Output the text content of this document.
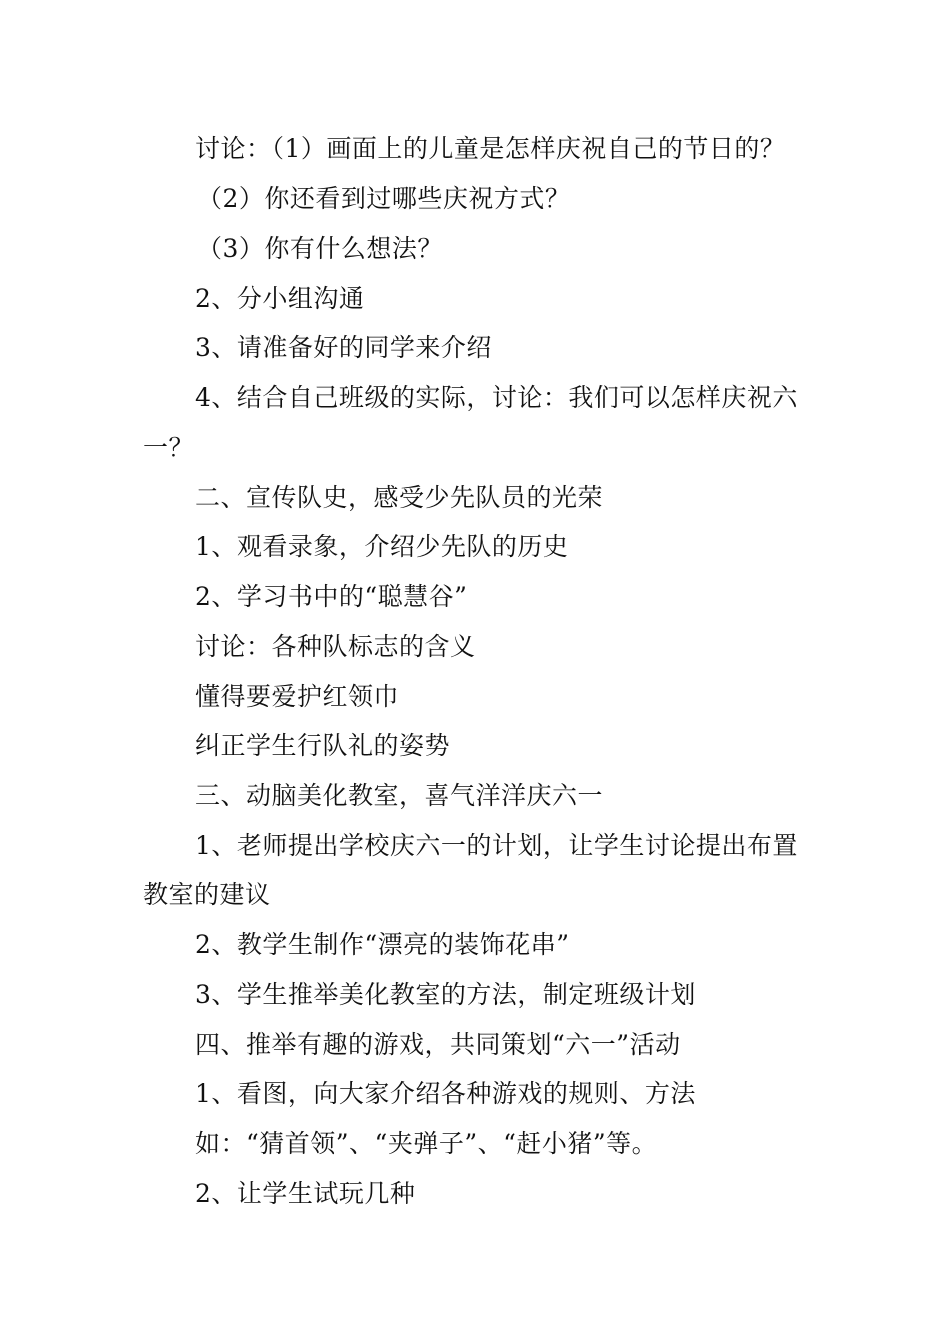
讨论：（1）画面上的儿童是怎样庆祝自己的节日的？
（2）你还看到过哪些庆祝方式？
（3）你有什么想法？
2、分小组沟通
3、请准备好的同学来介绍
4、结合自己班级的实际，讨论：我们可以怎样庆祝六
一？
二、宣传队史，感受少先队员的光荣
1、观看录象，介绍少先队的历史
2、学习书中的“聪慧谷”
讨论：各种队标志的含义
懂得要爱护红领巾
纠正学生行队礼的姿势
三、动脑美化教室，喜气洋洋庆六一
1、老师提出学校庆六一的计划，让学生讨论提出布置
教室的建议
2、教学生制作“漂亮的装饰花串”
3、学生推举美化教室的方法，制定班级计划
四、推举有趣的游戏，共同策划“六一”活动
1、看图，向大家介绍各种游戏的规则、方法
如：“猜首领”、“夹弹子”、“赶小猪”等。
2、让学生试玩几种
